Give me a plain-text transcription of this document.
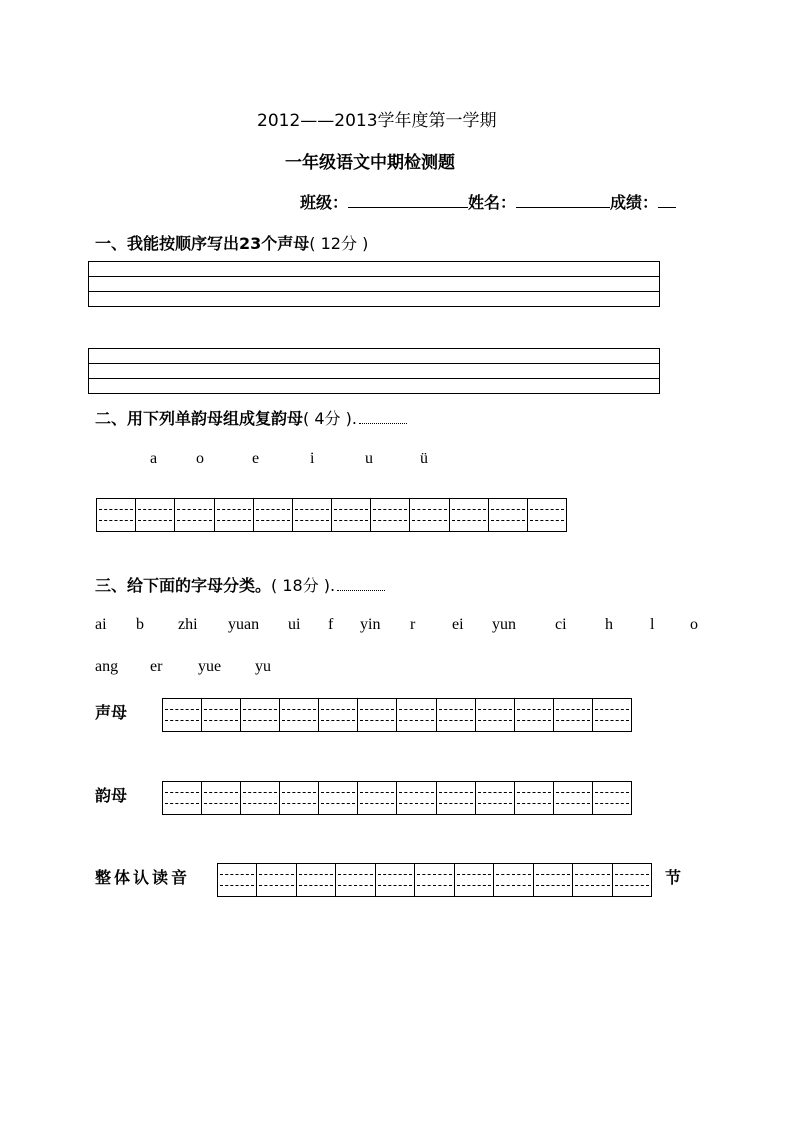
2012——2013学年度第一学期
一年级语文中期检测题
班级：	姓名：	成绩：
一、我能按顺序写出23个声母( 12分 )
二、用下列单韵母组成复韵母( 4分 ).
a o	e	i	u	ü
三、给下面的字母分类。( 18分 ).
ai b zhi yuan ui f yin r ei yun ci h l o
ang er yue yu
声母
韵母
整体认读音	节
